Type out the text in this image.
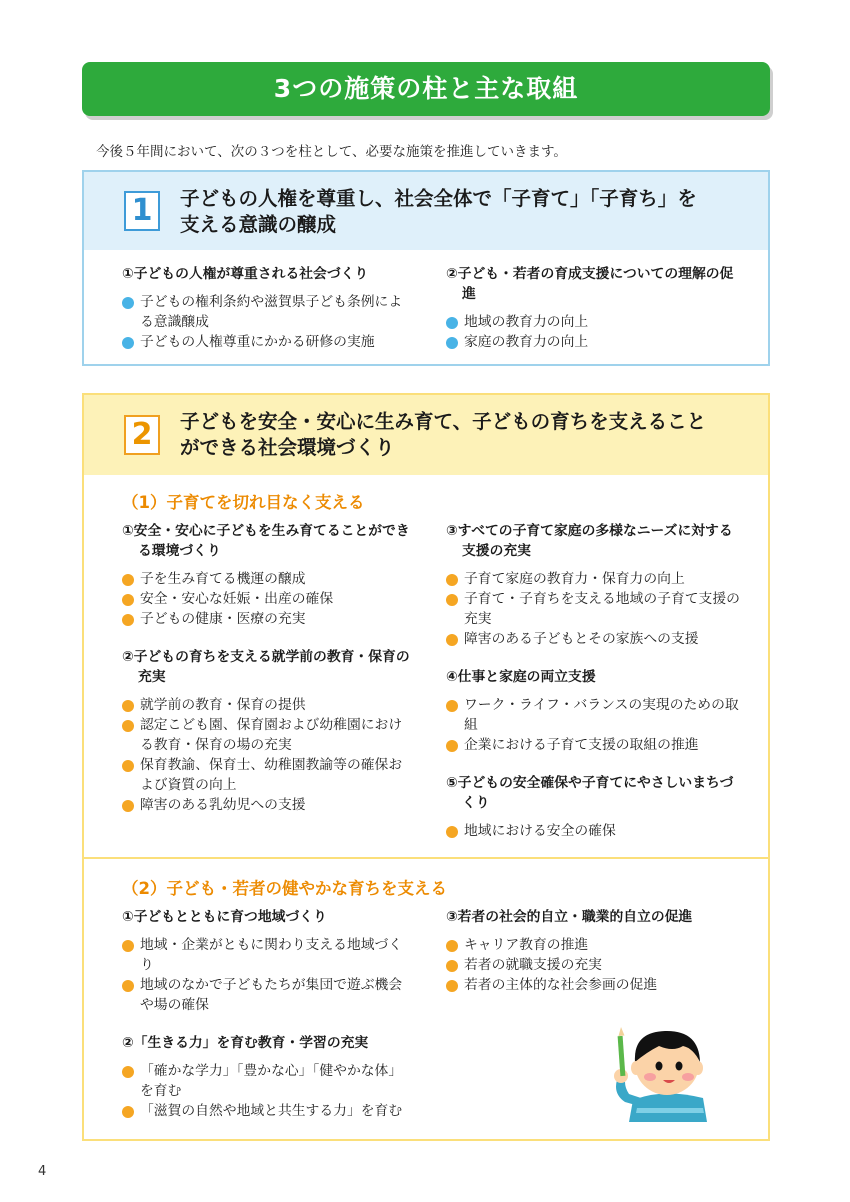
3つの施策の柱と主な取組
今後５年間において、次の３つを柱として、必要な施策を推進していきます。
1	子どもの人権を尊重し、社会全体で「子育て」「子育ち」を
支える意識の醸成
①子どもの人権が尊重される社会づくり
子どもの権利条約や滋賀県子ども条例による意識醸成
子どもの人権尊重にかかる研修の実施
②子ども・若者の育成支援についての理解の促進
地域の教育力の向上
家庭の教育力の向上
2	子どもを安全・安心に生み育て、子どもの育ちを支えること
ができる社会環境づくり
（1）子育てを切れ目なく支える
①安全・安心に子どもを生み育てることができる環境づくり
子を生み育てる機運の醸成
安全・安心な妊娠・出産の確保
子どもの健康・医療の充実
②子どもの育ちを支える就学前の教育・保育の充実
就学前の教育・保育の提供
認定こども園、保育園および幼稚園における教育・保育の場の充実
保育教諭、保育士、幼稚園教諭等の確保および資質の向上
障害のある乳幼児への支援
③すべての子育て家庭の多様なニーズに対する支援の充実
子育て家庭の教育力・保育力の向上
子育て・子育ちを支える地域の子育て支援の充実
障害のある子どもとその家族への支援
④仕事と家庭の両立支援
ワーク・ライフ・バランスの実現のための取組
企業における子育て支援の取組の推進
⑤子どもの安全確保や子育てにやさしいまちづくり
地域における安全の確保
（2）子ども・若者の健やかな育ちを支える
①子どもとともに育つ地域づくり
地域・企業がともに関わり支える地域づくり
地域のなかで子どもたちが集団で遊ぶ機会や場の確保
②「生きる力」を育む教育・学習の充実
「確かな学力」「豊かな心」「健やかな体」を育む
「滋賀の自然や地域と共生する力」を育む
③若者の社会的自立・職業的自立の促進
キャリア教育の推進
若者の就職支援の充実
若者の主体的な社会参画の促進
4
